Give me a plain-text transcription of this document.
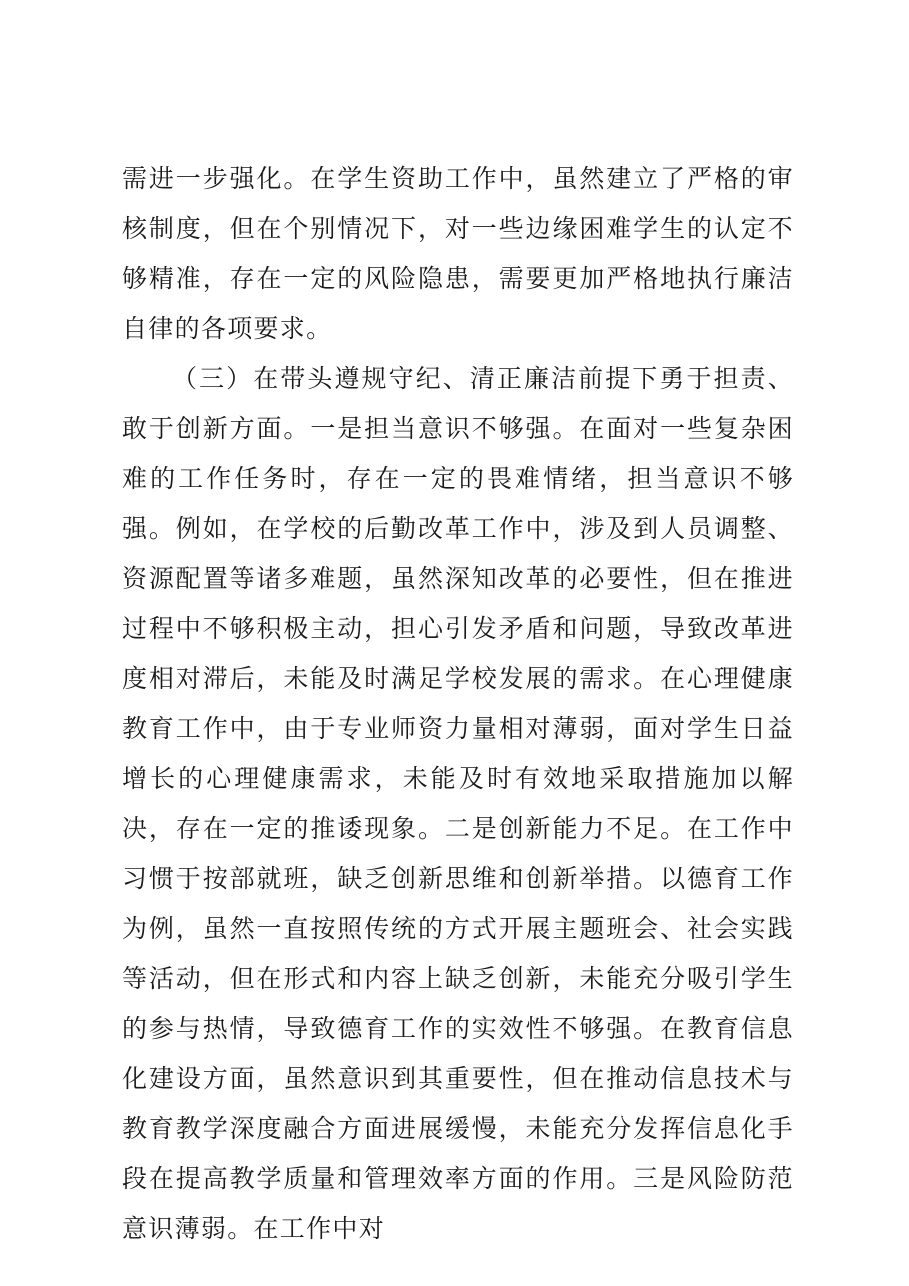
需进一步强化。在学生资助工作中，虽然建立了严格的审核制度，但在个别情况下，对一些边缘困难学生的认定不够精准，存在一定的风险隐患，需要更加严格地执行廉洁自律的各项要求。

（三）在带头遵规守纪、清正廉洁前提下勇于担责、敢于创新方面。一是担当意识不够强。在面对一些复杂困难的工作任务时，存在一定的畏难情绪，担当意识不够强。例如，在学校的后勤改革工作中，涉及到人员调整、资源配置等诸多难题，虽然深知改革的必要性，但在推进过程中不够积极主动，担心引发矛盾和问题，导致改革进度相对滞后，未能及时满足学校发展的需求。在心理健康教育工作中，由于专业师资力量相对薄弱，面对学生日益增长的心理健康需求，未能及时有效地采取措施加以解决，存在一定的推诿现象。二是创新能力不足。在工作中习惯于按部就班，缺乏创新思维和创新举措。以德育工作为例，虽然一直按照传统的方式开展主题班会、社会实践等活动，但在形式和内容上缺乏创新，未能充分吸引学生的参与热情，导致德育工作的实效性不够强。在教育信息化建设方面，虽然意识到其重要性，但在推动信息技术与教育教学深度融合方面进展缓慢，未能充分发挥信息化手段在提高教学质量和管理效率方面的作用。三是风险防范意识薄弱。在工作中对
